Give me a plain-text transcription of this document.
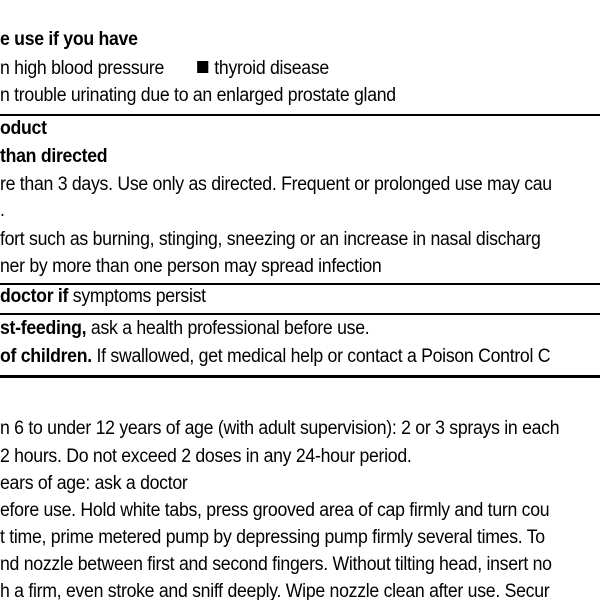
e use if you have
n high blood pressure	thyroid disease
n trouble urinating due to an enlarged prostate gland
oduct
than directed
re than 3 days. Use only as directed. Frequent or prolonged use may cau
.
fort such as burning, stinging, sneezing or an increase in nasal discharg
ner by more than one person may spread infection
doctor if symptoms persist
st-feeding, ask a health professional before use.
of children. If swallowed, get medical help or contact a Poison Control C
n 6 to under 12 years of age (with adult supervision): 2 or 3 sprays in each
2 hours. Do not exceed 2 doses in any 24-hour period.
ears of age: ask a doctor
efore use. Hold white tabs, press grooved area of cap firmly and turn cou
t time, prime metered pump by depressing pump firmly several times. To
nd nozzle between first and second fingers. Without tilting head, insert no
h a firm, even stroke and sniff deeply. Wipe nozzle clean after use. Secur
